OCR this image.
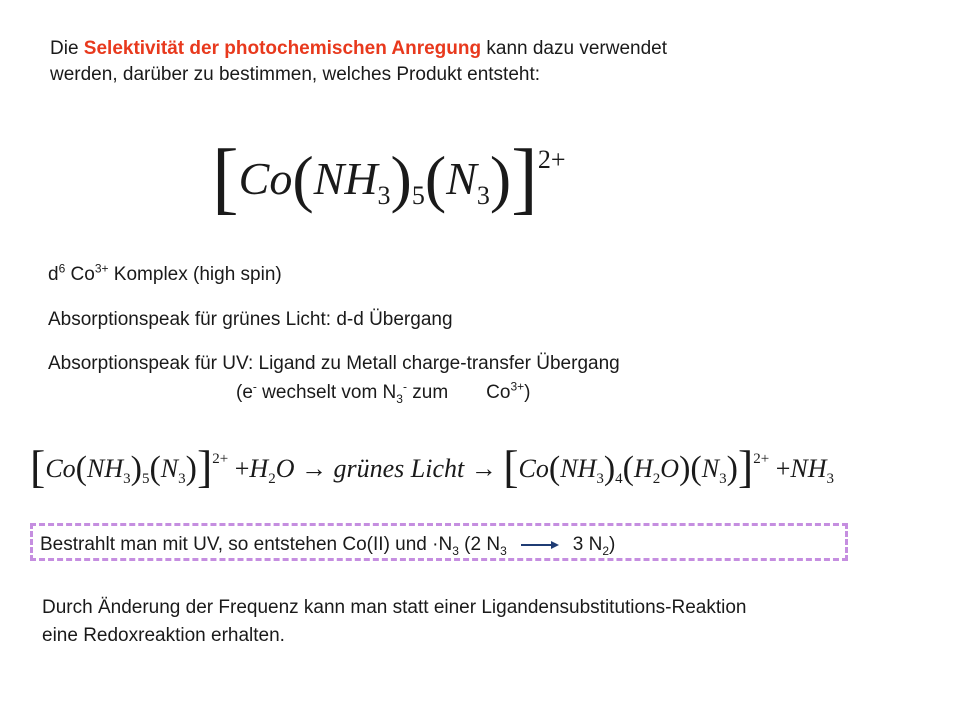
Die Selektivität der photochemischen Anregung kann dazu verwendet werden, darüber zu bestimmen, welches Produkt entsteht:
$[Co(NH_3)_5(N_3)]^{2+}$
$d^6$ $Co^{3+}$ Komplex (high spin)
Absorptionspeak für grünes Licht: d-d Übergang
Absorptionspeak für UV: Ligand zu Metall charge-transfer Übergang
(e- wechselt vom $N_3^-$ zum $Co^{3+}$)
$[Co(NH_3)_5(N_3)]^{2+} +H_2O$ → grünes Licht → $[Co(NH_3)_4(H_2O)(N_3)]^{2+} +NH_3$
Bestrahlt man mit UV, so entstehen Co(II) und $\cdot N_3$ (2 $N_3 \to 3$ $N_2$)
Durch Änderung der Frequenz kann man statt einer Ligandensubstitutions-Reaktion
eine Redoxreaktion erhalten.
